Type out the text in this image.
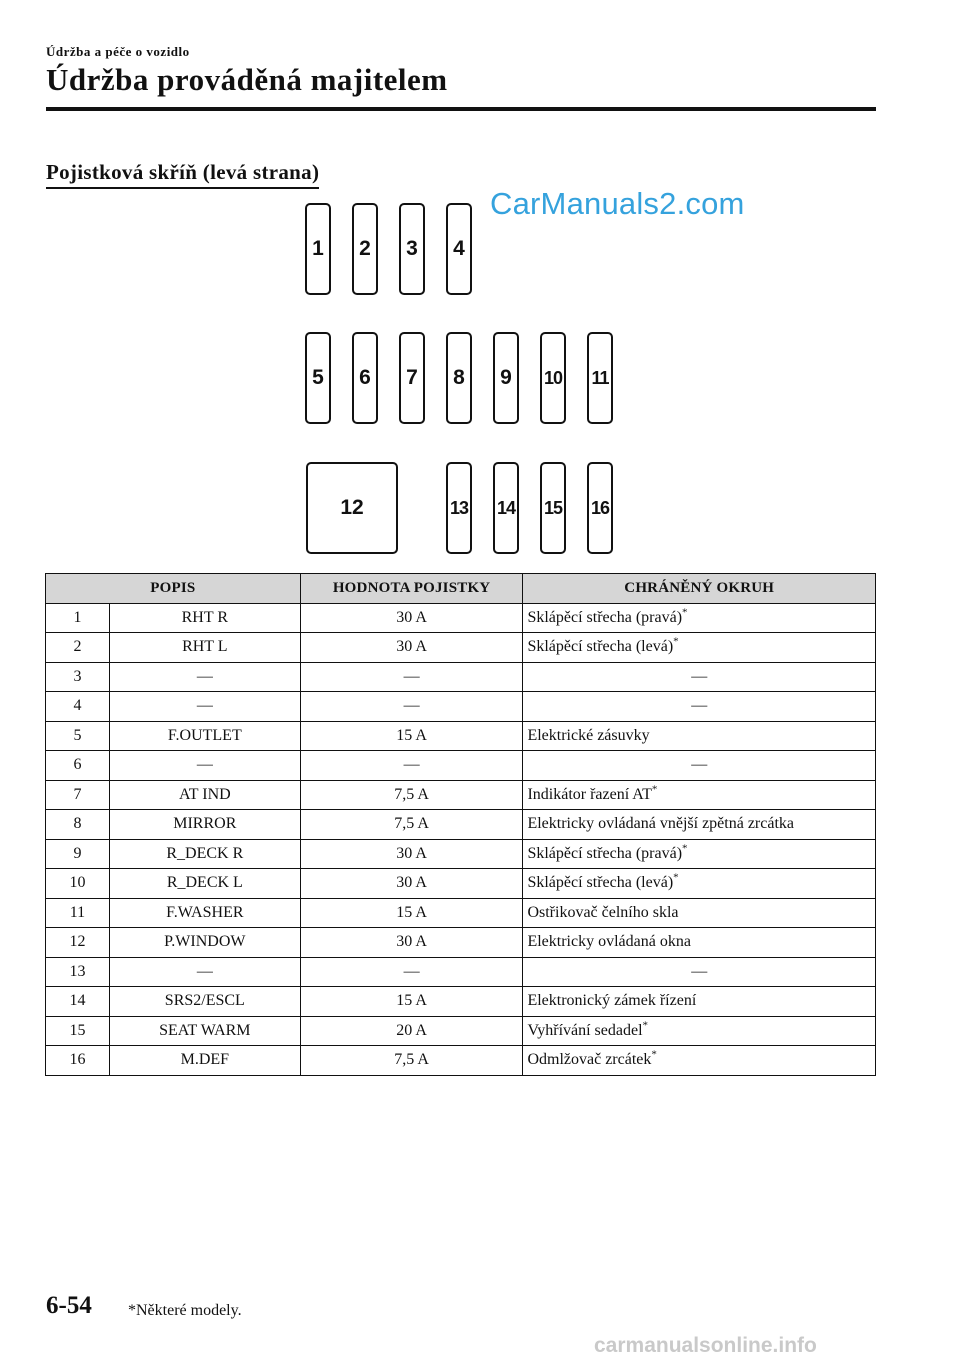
Údržba a péče o vozidlo
Údržba prováděná majitelem
Pojistková skříň (levá strana)
CarManuals2.com
1	2	3	4
5	6	7	8	9	10 11
12	13 14 15 16
POPIS		HODNOTA POJISTKY	CHRÁNĚNÝ OKRUH
1	RHT R	30 A	Sklápěcí střecha (pravá)*
2	RHT L	30 A	Sklápěcí střecha (levá)*
3	—	—	—
4	—	—	—
5	F.OUTLET	15 A	Elektrické zásuvky
6	—	—	—
7	AT IND	7,5 A	Indikátor řazení AT*
8	MIRROR	7,5 A	Elektricky ovládaná vnější zpětná zrcátka
9	R_DECK R	30 A	Sklápěcí střecha (pravá)*
10	R_DECK L	30 A	Sklápěcí střecha (levá)*
11	F.WASHER	15 A	Ostřikovač čelního skla
12	P.WINDOW	30 A	Elektricky ovládaná okna
13	—	—	—
14	SRS2/ESCL	15 A	Elektronický zámek řízení
15	SEAT WARM	20 A	Vyhřívání sedadel*
16	M.DEF	7,5 A	Odmlžovač zrcátek*
6-54 *Některé modely.
carmanualsonline.info
